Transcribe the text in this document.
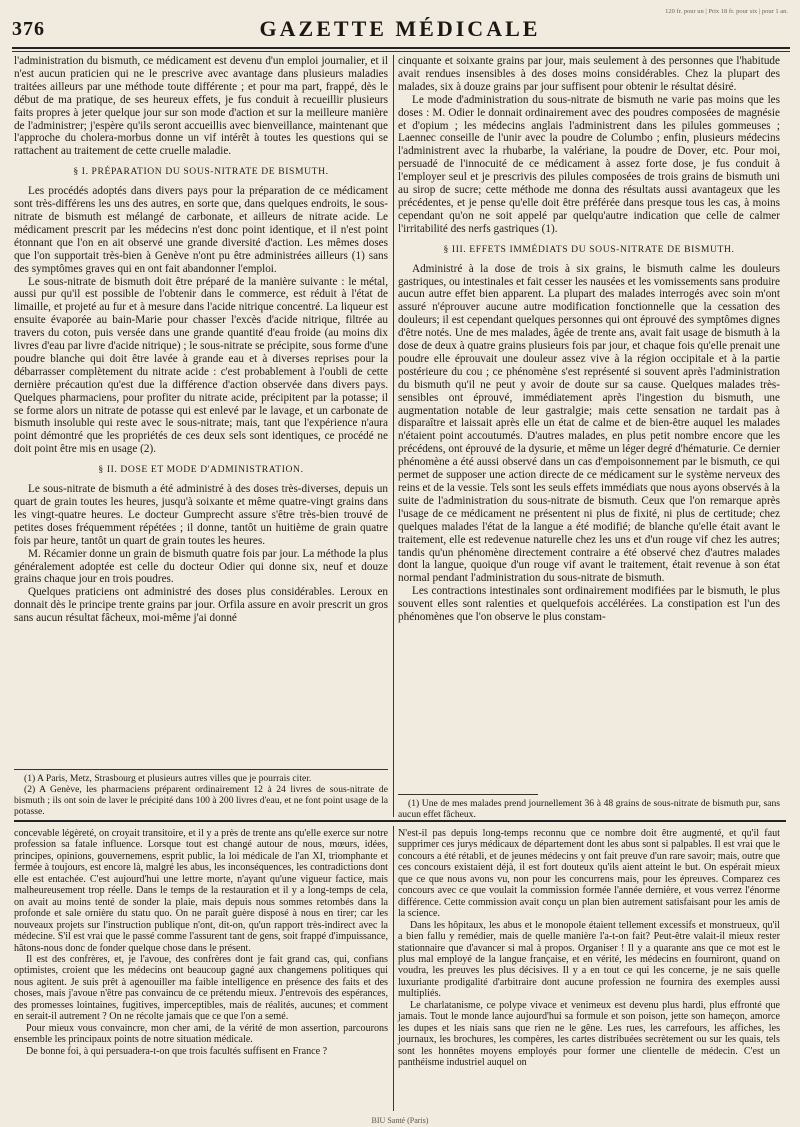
376	GAZETTE MÉDICALE
120 fr. pour un | Prix 18 fr. pour six | pour 1 an.

l'administration du bismuth, ce médicament est devenu d'un emploi journalier, et il n'est aucun praticien qui ne le prescrive avec avantage dans plusieurs maladies traitées ailleurs par une méthode toute différente ; et pour ma part, frappé, dès le début de ma pratique, de ses heureux effets, je fus conduit à recueillir plusieurs faits propres à jeter quelque jour sur son mode d'action et sur la meilleure manière de l'administrer; j'espère qu'ils seront accueillis avec bienveillance, maintenant que l'approche du cholera-morbus donne un vif intérêt à toutes les questions qui se rattachent au traitement de cette cruelle maladie.

§ I. PRÉPARATION DU SOUS-NITRATE DE BISMUTH.

Les procédés adoptés dans divers pays pour la préparation de ce médicament sont très-différens les uns des autres, en sorte que, dans quelques endroits, le sous-nitrate de bismuth est mélangé de carbonate, et ailleurs de nitrate acide. Le médicament prescrit par les médecins n'est donc point identique, et il n'est point étonnant que l'on en ait observé une grande diversité d'action. Les mêmes doses que l'on supportait très-bien à Genève n'ont pu être administrées ailleurs (1) sans des symptômes graves qui en ont fait abandonner l'emploi.

Le sous-nitrate de bismuth doit être préparé de la manière suivante : le métal, aussi pur qu'il est possible de l'obtenir dans le commerce, est réduit à l'état de limaille, et projeté au fur et à mesure dans l'acide nitrique concentré. La liqueur est ensuite évaporée au bain-Marie pour chasser l'excès d'acide nitrique, filtrée au travers du coton, puis versée dans une grande quantité d'eau froide (au moins dix livres d'eau par livre d'acide nitrique) ; le sous-nitrate se précipite, sous forme d'une poudre blanche qui doit être lavée à grande eau et à diverses reprises pour la débarrasser complètement du nitrate acide : c'est probablement à l'oubli de cette dernière précaution qu'est due la différence d'action observée dans divers pays. Quelques pharmaciens, pour profiter du nitrate acide, précipitent par la potasse; il se forme alors un nitrate de potasse qui est enlevé par le lavage, et un carbonate de bismuth insoluble qui reste avec le sous-nitrate; mais, tant que l'expérience n'aura point démontré que les propriétés de ces deux sels sont identiques, ce procédé ne doit point être mis en usage (2).

§ II. DOSE ET MODE D'ADMINISTRATION.

Le sous-nitrate de bismuth a été administré à des doses très-diverses, depuis un quart de grain toutes les heures, jusqu'à soixante et même quatre-vingt grains dans les vingt-quatre heures. Le docteur Gumprecht assure s'être très-bien trouvé de petites doses fréquemment répétées ; il donne, tantôt un huitième de grain quatre fois par heure, tantôt un quart de grain toutes les heures.

M. Récamier donne un grain de bismuth quatre fois par jour. La méthode la plus généralement adoptée est celle du docteur Odier qui donne six, neuf et douze grains chaque jour en trois poudres.

Quelques praticiens ont administré des doses plus considérables. Leroux en donnait dès le principe trente grains par jour. Orfila assure en avoir prescrit un gros sans aucun résultat fâcheux, moi-même j'ai donné

(1) A Paris, Metz, Strasbourg et plusieurs autres villes que je pourrais citer.

(2) A Genève, les pharmaciens préparent ordinairement 12 à 24 livres de sous-nitrate de bismuth ; ils ont soin de laver le précipité dans 100 à 200 livres d'eau, et ne font point usage de la potasse.

cinquante et soixante grains par jour, mais seulement à des personnes que l'habitude avait rendues insensibles à des doses moins considérables. Chez la plupart des malades, six à douze grains par jour suffisent pour obtenir le résultat désiré.

Le mode d'administration du sous-nitrate de bismuth ne varie pas moins que les doses : M. Odier le donnait ordinairement avec des poudres composées de magnésie et d'opium ; les médecins anglais l'administrent dans les pilules gommeuses ; Laennec conseille de l'unir avec la poudre de Columbo ; enfin, plusieurs médecins l'administrent avec la rhubarbe, la valériane, la poudre de Dover, etc. Pour moi, persuadé de l'innocuité de ce médicament à assez forte dose, je fus conduit à l'employer seul et je prescrivis des pilules composées de trois grains de bismuth uni au sirop de sucre; cette méthode me donna des résultats aussi avantageux que les précédentes, et je pense qu'elle doit être préférée dans presque tous les cas, à moins cependant qu'on ne soit appelé par quelqu'autre indication que celle de calmer l'irritabilité des nerfs gastriques (1).

§ III. EFFETS IMMÉDIATS DU SOUS-NITRATE DE BISMUTH.

Administré à la dose de trois à six grains, le bismuth calme les douleurs gastriques, ou intestinales et fait cesser les nausées et les vomissements sans produire aucun autre effet bien apparent. La plupart des malades interrogés avec soin m'ont assuré n'éprouver aucune autre modification fonctionnelle que la cessation des douleurs; il est cependant quelques personnes qui ont éprouvé des symptômes dignes d'être notés. Une de mes malades, âgée de trente ans, avait fait usage de bismuth à la dose de deux à quatre grains plusieurs fois par jour, et chaque fois qu'elle prenait une poudre elle éprouvait une douleur assez vive à la région occipitale et à la partie postérieure du cou ; ce phénomène s'est représenté si souvent après l'administration du bismuth qu'il ne peut y avoir de doute sur sa cause. Quelques malades très-sensibles ont éprouvé, immédiatement après l'ingestion du bismuth, une augmentation notable de leur gastralgie; mais cette sensation ne tardait pas à disparaître et laissait après elle un état de calme et de bien-être auquel les malades n'étaient point accoutumés. D'autres malades, en plus petit nombre encore que les précédens, ont éprouvé de la dysurie, et même un léger degré d'hématurie. Ce dernier phénomène a été aussi observé dans un cas d'empoisonnement par le bismuth, ce qui permet de supposer une action directe de ce médicament sur le système nerveux des reins et de la vessie. Tels sont les seuls effets immédiats que nous ayons observés à la suite de l'administration du sous-nitrate de bismuth. Ceux que l'on remarque après l'usage de ce médicament ne présentent ni plus de fixité, ni plus de certitude; chez quelques malades l'état de la langue a été modifié; de blanche qu'elle était avant le traitement, elle est redevenue naturelle chez les uns et d'un rouge vif chez les autres; tandis qu'un phénomène directement contraire a été observé chez d'autres malades dont la langue, quoique d'un rouge vif avant le traitement, était revenue à son état normal pendant l'administration du sous-nitrate de bismuth.

Les contractions intestinales sont ordinairement modifiées par le bismuth, le plus souvent elles sont ralenties et quelquefois accélérées. La constipation est l'un des phénomènes que l'on observe le plus constam-

(1) Une de mes malades prend journellement 36 à 48 grains de sous-nitrate de bismuth pur, sans aucun effet fâcheux.

concevable légèreté, on croyait transitoire, et il y a près de trente ans qu'elle exerce sur notre profession sa fatale influence. Lorsque tout est changé autour de nous, mœurs, idées, principes, opinions, gouvernemens, esprit public, la loi médicale de l'an XI, triomphante et fermée à toujours, est encore là, malgré les abus, les inconséquences, les contradictions dont elle est entachée. C'est aujourd'hui une lettre morte, n'ayant qu'une vigueur factice, mais malheureusement trop réelle. Dans le temps de la restauration et il y a long-temps de cela, on avait au moins tenté de sonder la plaie, mais depuis nous sommes retombés dans la profonde et sale ornière du statu quo. On ne paraît guère disposé à nous en tirer; car les nouveaux projets sur l'instruction publique n'ont, dit-on, qu'un rapport très-indirect avec la médecine. S'il est vrai que le passé comme l'assurent tant de gens, soit frappé d'impuissance, hâtons-nous donc de fonder quelque chose dans le présent.

Il est des confrères, et, je l'avoue, des confrères dont je fait grand cas, qui, confians optimistes, croient que les médecins ont beaucoup gagné aux changemens politiques qui nous agitent. Je suis prêt à agenouiller ma faible intelligence en présence des faits et des choses, mais j'avoue n'être pas convaincu de ce prétendu mieux. J'entrevois des espérances, des promesses lointaines, fugitives, imperceptibles, mais de réalités, aucunes; et comment en serait-il autrement ? On ne récolte jamais que ce que l'on a semé.

Pour mieux vous convaincre, mon cher ami, de la vérité de mon assertion, parcourons ensemble les principaux points de notre situation médicale.

De bonne foi, à qui persuadera-t-on que trois facultés suffisent en France ?

N'est-il pas depuis long-temps reconnu que ce nombre doit être augmenté, et qu'il faut supprimer ces jurys médicaux de département dont les abus sont si palpables. Il est vrai que le concours a été rétabli, et de jeunes médecins y ont fait preuve d'un rare savoir; mais, outre que ces concours existaient déjà, il est fort douteux qu'ils aient atteint le but. On espérait mieux que ce que nous avons vu, non pour les concurrens mais, pour les épreuves. Comparez ces concours avec ce que voulait la commission formée l'année dernière, et vous verrez l'énorme différence. Cette commission avait conçu un plan bien autrement satisfaisant pour les amis de la science.

Dans les hôpitaux, les abus et le monopole étaient tellement excessifs et monstrueux, qu'il a bien fallu y remédier, mais de quelle manière l'a-t-on fait? Peut-être valait-il mieux rester stationnaire que d'avancer si mal à propos. Organiser ! Il y a quarante ans que ce mot est le plus mal employé de la langue française, et en vérité, les médecins en fourniront, quand on voudra, les preuves les plus décisives. Il y a en tout ce qui les concerne, je ne sais quelle luxuriante prodigalité d'arbitraire dont aucune profession ne fournira des exemples aussi multipliés.

Le charlatanisme, ce polype vivace et venimeux est devenu plus hardi, plus effronté que jamais. Tout le monde lance aujourd'hui sa formule et son poison, jette son hameçon, amorce les dupes et les niais sans que rien ne le gêne. Les rues, les carrefours, les affiches, les journaux, les brochures, les compères, les cartes distribuées secrètement ou sur les quais, tels sont les honnêtes moyens employés pour former une clientelle de médecin. C'est un panthéisme industriel auquel on

BIU Santé (Paris)
